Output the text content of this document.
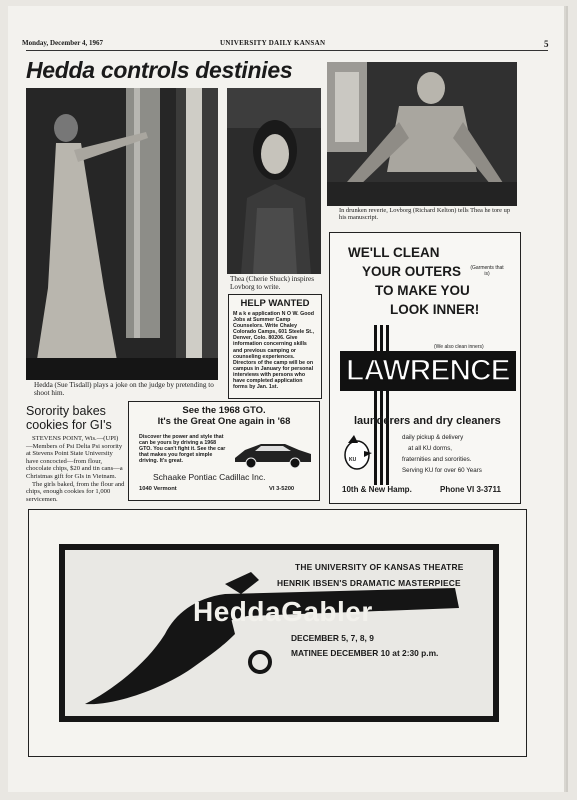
Monday, December 4, 1967	UNIVERSITY DAILY KANSAN	5
Hedda controls destinies
Hedda (Sue Tisdall) plays a joke on the judge by pretending to shoot him.
Thea (Cherie Shuck) inspires Lovborg to write.
In drunken reverie, Lovborg (Richard Kelton) tells Thea he tore up his manuscript.
HELP WANTED
M a k e application N O W. Good Jobs at Summer Camp Counselors. Write Chaley Colorado Camps, 601 Steele St., Denver, Colo. 80206. Give information concerning skills and previous camping or counseling experiences. Directors of the camp will be on campus in January for personal interviews with persons who have completed application forms by Jan. 1st.
WE'LL CLEAN
YOUR OUTERS
TO MAKE YOU
LOOK INNER!
(Garments that is)
(We also clean inners)
LAWRENCE
launderers and dry cleaners
daily pickup & delivery
at all KU dorms,
fraternities and sororities.
Serving KU for over 60 Years
KU
10th & New Hamp.	Phone VI 3-3711
Sorority bakes cookies for GI's
STEVENS POINT, Wis.—(UPI) —Members of Psi Delta Psi sorority at Stevens Point State University have concocted—from flour, chocolate chips, $20 and tin cans—a Christmas gift for GIs in Vietnam.
The girls baked, from the flour and chips, enough cookies for 1,000 servicemen.
See the 1968 GTO.
It's the Great One again in '68
Discover the power and style that can be yours by driving a 1968 GTO. You can't fight it. See the car that makes you forget simple driving. It's great.
Schaake Pontiac Cadillac Inc.
1040 Vermont	VI 3-5200
THE UNIVERSITY OF KANSAS THEATRE
HENRIK IBSEN'S DRAMATIC MASTERPIECE
HeddaGabler
DECEMBER 5, 7, 8, 9
MATINEE DECEMBER 10 at 2:30 p.m.
